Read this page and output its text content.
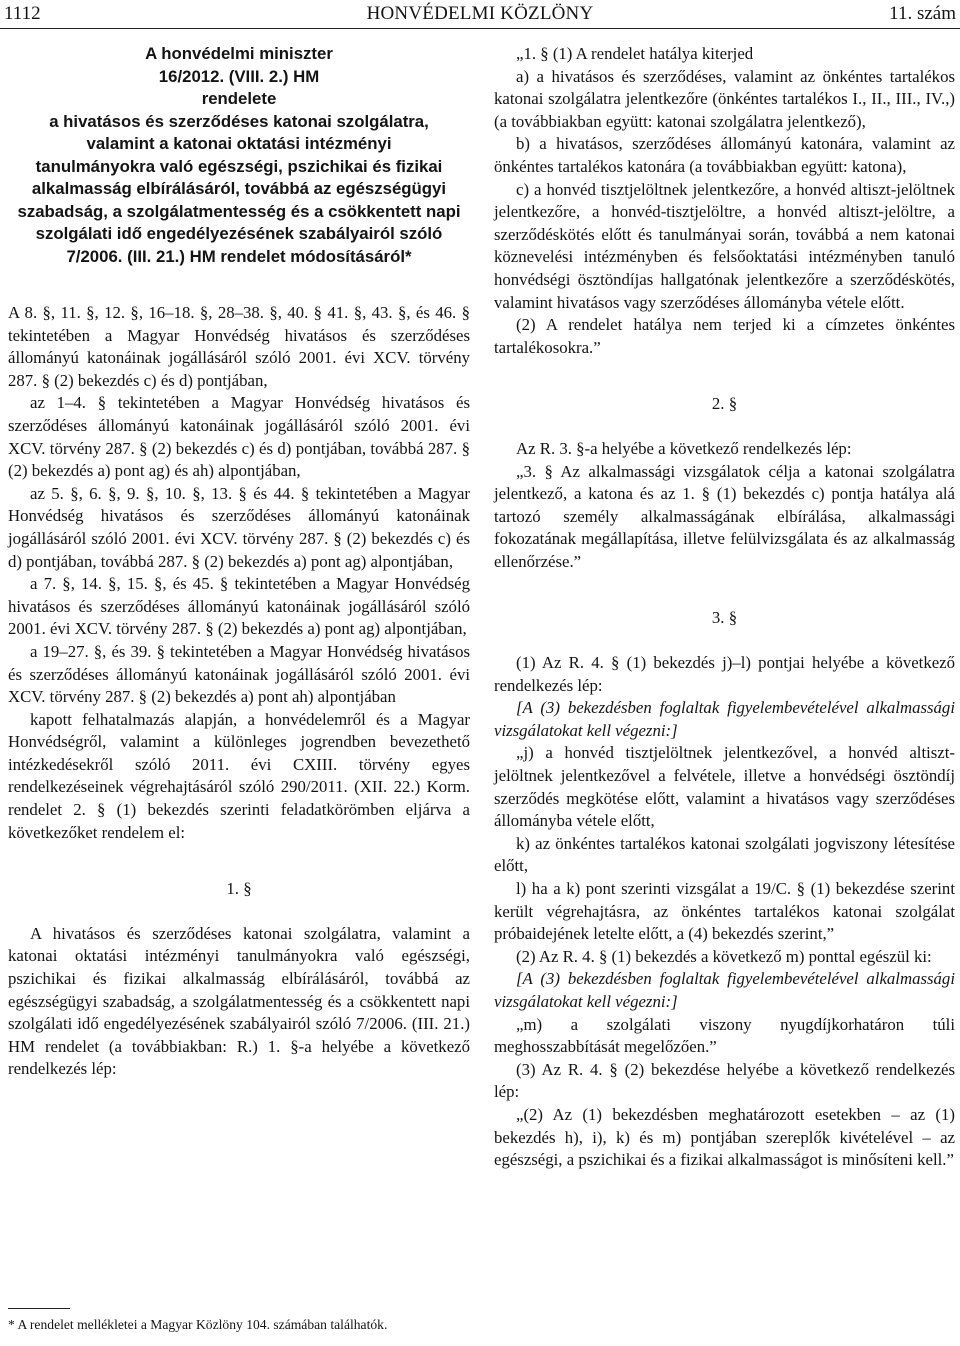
1112	HONVÉDELMI KÖZLÖNY	11. szám
A honvédelmi miniszter
16/2012. (VIII. 2.) HM
rendelete
a hivatásos és szerződéses katonai szolgálatra,
valamint a katonai oktatási intézményi
tanulmányokra való egészségi, pszichikai és fizikai
alkalmasság elbírálásáról, továbbá az egészségügyi
szabadság, a szolgálatmentesség és a csökkentett napi
szolgálati idő engedélyezésének szabályairól szóló
7/2006. (III. 21.) HM rendelet módosításáról*

A 8. §, 11. §, 12. §, 16–18. §, 28–38. §, 40. § 41. §, 43. §, és 46. § tekintetében a Magyar Honvédség hivatásos és szerződéses állományú katonáinak jogállásáról szóló 2001. évi XCV. törvény 287. § (2) bekezdés c) és d) pontjában,

az 1–4. § tekintetében a Magyar Honvédség hivatásos és szerződéses állományú katonáinak jogállásáról szóló 2001. évi XCV. törvény 287. § (2) bekezdés c) és d) pontjában, továbbá 287. § (2) bekezdés a) pont ag) és ah) alpontjában,

az 5. §, 6. §, 9. §, 10. §, 13. § és 44. § tekintetében a Magyar Honvédség hivatásos és szerződéses állományú katonáinak jogállásáról szóló 2001. évi XCV. törvény 287. § (2) bekezdés c) és d) pontjában, továbbá 287. § (2) bekezdés a) pont ag) alpontjában,

a 7. §, 14. §, 15. §, és 45. § tekintetében a Magyar Honvédség hivatásos és szerződéses állományú katonáinak jogállásáról szóló 2001. évi XCV. törvény 287. § (2) bekezdés a) pont ag) alpontjában,

a 19–27. §, és 39. § tekintetében a Magyar Honvédség hivatásos és szerződéses állományú katonáinak jogállásáról szóló 2001. évi XCV. törvény 287. § (2) bekezdés a) pont ah) alpontjában

kapott felhatalmazás alapján, a honvédelemről és a Magyar Honvédségről, valamint a különleges jogrendben bevezethető intézkedésekről szóló 2011. évi CXIII. törvény egyes rendelkezéseinek végrehajtásáról szóló 290/2011. (XII. 22.) Korm. rendelet 2. § (1) bekezdés szerinti feladatkörömben eljárva a következőket rendelem el:

1. §

A hivatásos és szerződéses katonai szolgálatra, valamint a katonai oktatási intézményi tanulmányokra való egészségi, pszichikai és fizikai alkalmasság elbírálásáról, továbbá az egészségügyi szabadság, a szolgálatmentesség és a csökkentett napi szolgálati idő engedélyezésének szabályairól szóló 7/2006. (III. 21.) HM rendelet (a továbbiakban: R.) 1. §-a helyébe a következő rendelkezés lép:

* A rendelet mellékletei a Magyar Közlöny 104. számában találhatók.

„1. § (1) A rendelet hatálya kiterjed

a) a hivatásos és szerződéses, valamint az önkéntes tartalékos katonai szolgálatra jelentkezőre (önkéntes tartalékos I., II., III., IV.,) (a továbbiakban együtt: katonai szolgálatra jelentkező),

b) a hivatásos, szerződéses állományú katonára, valamint az önkéntes tartalékos katonára (a továbbiakban együtt: katona),

c) a honvéd tisztjelöltnek jelentkezőre, a honvéd altiszt-jelöltnek jelentkezőre, a honvéd-tisztjelöltre, a honvéd altiszt-jelöltre, a szerződéskötés előtt és tanulmányai során, továbbá a nem katonai köznevelési intézményben és felsőoktatási intézményben tanuló honvédségi ösztöndíjas hallgatónak jelentkezőre a szerződéskötés, valamint hivatásos vagy szerződéses állományba vétele előtt.

(2) A rendelet hatálya nem terjed ki a címzetes önkéntes tartalékosokra.”

2. §

Az R. 3. §-a helyébe a következő rendelkezés lép:

„3. § Az alkalmassági vizsgálatok célja a katonai szolgálatra jelentkező, a katona és az 1. § (1) bekezdés c) pontja hatálya alá tartozó személy alkalmasságának elbírálása, alkalmassági fokozatának megállapítása, illetve felülvizsgálata és az alkalmasság ellenőrzése.”

3. §

(1) Az R. 4. § (1) bekezdés j)–l) pontjai helyébe a következő rendelkezés lép:

[A (3) bekezdésben foglaltak figyelembevételével alkalmassági vizsgálatokat kell végezni:]

„j) a honvéd tisztjelöltnek jelentkezővel, a honvéd altiszt-jelöltnek jelentkezővel a felvétele, illetve a honvédségi ösztöndíj szerződés megkötése előtt, valamint a hivatásos vagy szerződéses állományba vétele előtt,

k) az önkéntes tartalékos katonai szolgálati jogviszony létesítése előtt,

l) ha a k) pont szerinti vizsgálat a 19/C. § (1) bekezdése szerint került végrehajtásra, az önkéntes tartalékos katonai szolgálat próbaidejének letelte előtt, a (4) bekezdés szerint,”

(2) Az R. 4. § (1) bekezdés a következő m) ponttal egészül ki:

[A (3) bekezdésben foglaltak figyelembevételével alkalmassági vizsgálatokat kell végezni:]

„m) a szolgálati viszony nyugdíjkorhatáron túli meghosszabbítását megelőzően.”

(3) Az R. 4. § (2) bekezdése helyébe a következő rendelkezés lép:

„(2) Az (1) bekezdésben meghatározott esetekben – az (1) bekezdés h), i), k) és m) pontjában szereplők kivételével – az egészségi, a pszichikai és a fizikai alkalmasságot is minősíteni kell.”
